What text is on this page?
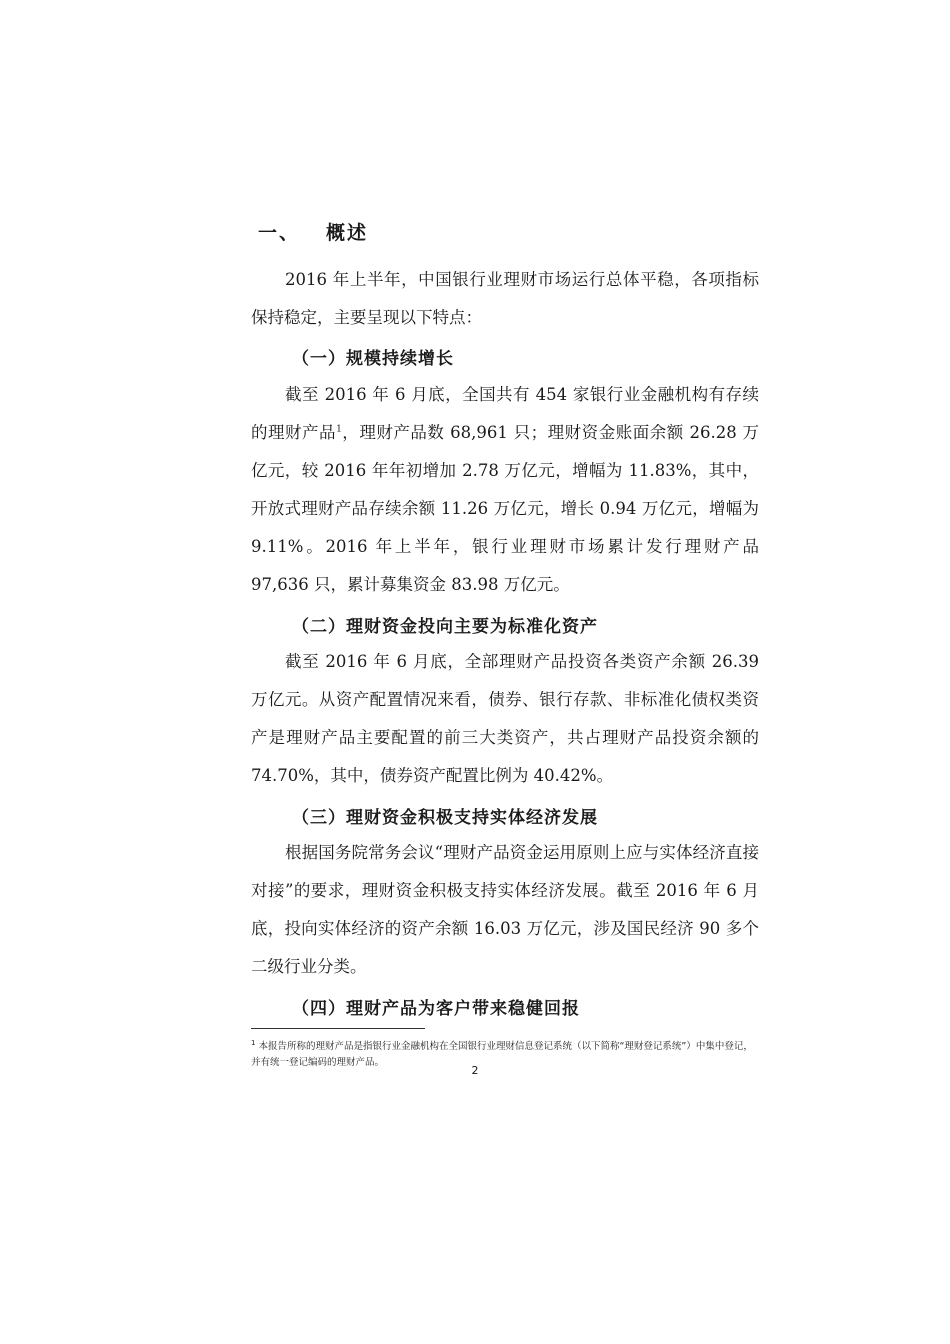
一、 概述
2016 年上半年，中国银行业理财市场运行总体平稳，各项指标保持稳定，主要呈现以下特点：
（一）规模持续增长
截至 2016 年 6 月底，全国共有 454 家银行业金融机构有存续的理财产品$^1$，理财产品数 68,961 只；理财资金账面余额 26.28 万亿元，较 2016 年年初增加 2.78 万亿元，增幅为 11.83%，其中，开放式理财产品存续余额 11.26 万亿元，增长 0.94 万亿元，增幅为 9.11%。2016 年上半年，银行业理财市场累计发行理财产品 97,636 只，累计募集资金 83.98 万亿元。
（二）理财资金投向主要为标准化资产
截至 2016 年 6 月底，全部理财产品投资各类资产余额 26.39 万亿元。从资产配置情况来看，债券、银行存款、非标准化债权类资产是理财产品主要配置的前三大类资产，共占理财产品投资余额的 74.70%，其中，债券资产配置比例为 40.42%。
（三）理财资金积极支持实体经济发展
根据国务院常务会议“理财产品资金运用原则上应与实体经济直接对接”的要求，理财资金积极支持实体经济发展。截至 2016 年 6 月底，投向实体经济的资产余额 16.03 万亿元，涉及国民经济 90 多个二级行业分类。
（四）理财产品为客户带来稳健回报
$^1$ 本报告所称的理财产品是指银行业金融机构在全国银行业理财信息登记系统（以下简称“理财登记系统”）中集中登记，并有统一登记编码的理财产品。
2
